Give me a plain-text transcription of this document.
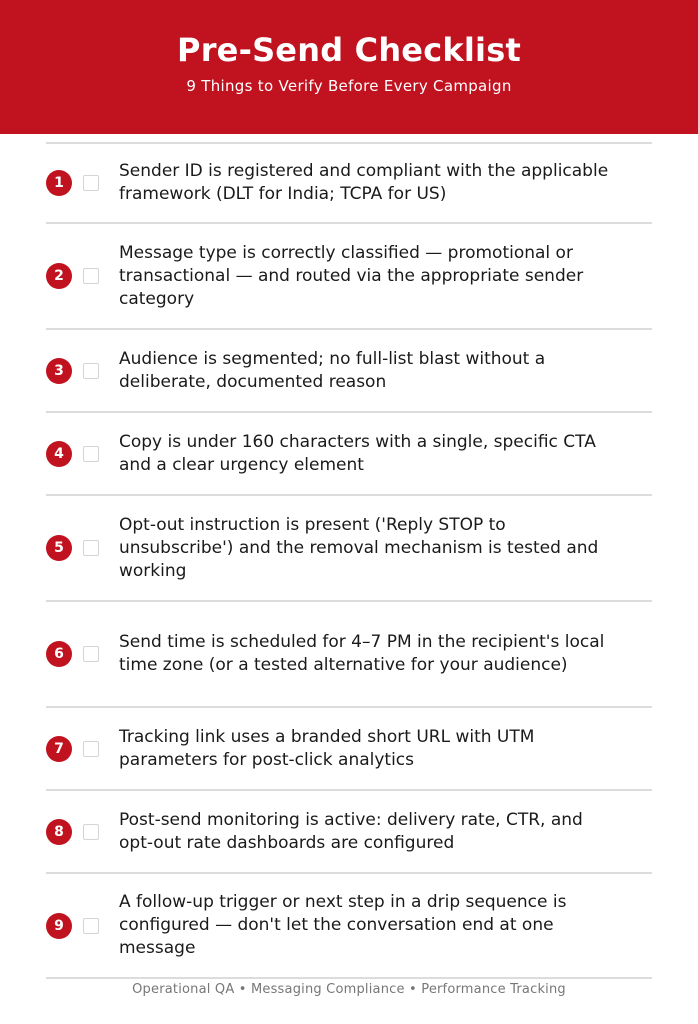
Pre-Send Checklist
9 Things to Verify Before Every Campaign
1
Sender ID is registered and compliant with the applicable framework (DLT for India; TCPA for US)
2
Message type is correctly classified — promotional or transactional — and routed via the appropriate sender category
3
Audience is segmented; no full-list blast without a deliberate, documented reason
4
Copy is under 160 characters with a single, specific CTA and a clear urgency element
5
Opt-out instruction is present ('Reply STOP to unsubscribe') and the removal mechanism is tested and working
6
Send time is scheduled for 4–7 PM in the recipient's local time zone (or a tested alternative for your audience)
7
Tracking link uses a branded short URL with UTM parameters for post-click analytics
8
Post-send monitoring is active: delivery rate, CTR, and opt-out rate dashboards are configured
9
A follow-up trigger or next step in a drip sequence is configured — don't let the conversation end at one message
Operational QA • Messaging Compliance • Performance Tracking
